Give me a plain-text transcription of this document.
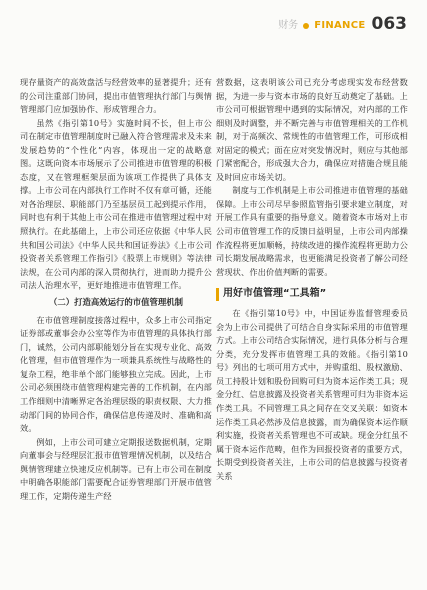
财务 FINANCE 063

现存量资产的高效盘活与经营效率的显著提升；还有的公司注重部门协同，提出市值管理执行部门与舆情管理部门应加强协作、形成管理合力。

虽然《指引第10号》实施时间不长，但上市公司在制定市值管理制度时已融入符合管理需求及未来发展趋势的“个性化”内容，体现出一定的战略意图。这既向资本市场展示了公司推进市值管理的积极态度，又在管理框架层面为该项工作提供了具体支撑。上市公司在内部执行工作时不仅有章可循，还能对各治理层、职能部门乃至基层员工起到提示作用，同时也有利于其他上市公司在推进市值管理过程中对照执行。在此基础上，上市公司还应依据《中华人民共和国公司法》《中华人民共和国证券法》《上市公司投资者关系管理工作指引》《股票上市规则》等法律法规，在公司内部的深入贯彻执行，进而助力提升公司法人治理水平，更好地推进市值管理工作。

（二）打造高效运行的市值管理机制

在市值管理制度接落过程中，众多上市公司指定证券部或董事会办公室等作为市值管理的具体执行部门，诚然，公司内部职能划分旨在实现专业化、高效化管理，但市值管理作为一项兼具系统性与战略性的复杂工程，绝非单个部门能够独立完成。因此，上市公司必须围绕市值管理构建完善的工作机制，在内部工作细则中清晰界定各治理层级的职责权限、大力推动部门间的协同合作，确保信息传递及时、准确和高效。

例如，上市公司可建立定期报送数据机制，定期向董事会与经理层汇报市值管理情况机制，以及结合舆情管理建立快速反应机制等。已有上市公司在制度中明确各职能部门需要配合证券管理部门开展市值管理工作，定期传递生产经

营数据，这表明该公司已充分考虑现实发布经营数据，为进一步与资本市场的良好互动奠定了基础。上市公司可根据管理中遇到的实际情况，对内部的工作细则及时调整，并不断完善与市值管理相关的工作机制，对于高频次、常规性的市值管理工作，可形成相对固定的模式；面在应对突发情况时，则应与其他部门紧密配合，形成强大合力，确保应对措施合规且能及时回应市场关切。

制度与工作机制是上市公司推进市值管理的基础保障。上市公司尽早参照监管指引要求建立制度，对开展工作具有重要的指导意义。随着资本市场对上市公司市值管理工作的反馈日益明显，上市公司内部操作流程将更加顺畅，持续改进的操作流程将更助力公司长期发展战略需求，也更能满足投资者了解公司经营现状、作出价值判断的需要。

用好市值管理“工具箱”

在《指引第10号》中，中国证券监督管理委员会为上市公司提供了可结合自身实际采用的市值管理方式。上市公司结合实际情况，进行具体分析与合理分类，充分发挥市值管理工具的效能。《指引第10号》列出的七项可用方式中，并购重组、股权激励、员工持股计划和股份回购可归为资本运作类工具；现金分红、信息披露及投资者关系管理可归为非资本运作类工具。不同管理工具之间存在交叉关联：如资本运作类工具必然涉及信息披露，而为确保资本运作顺利实施，投资者关系管理也不可或缺。现金分红虽不属于资本运作范畴，但作为回报投资者的重要方式，长期受到投资者关注，上市公司的信息披露与投资者关系
